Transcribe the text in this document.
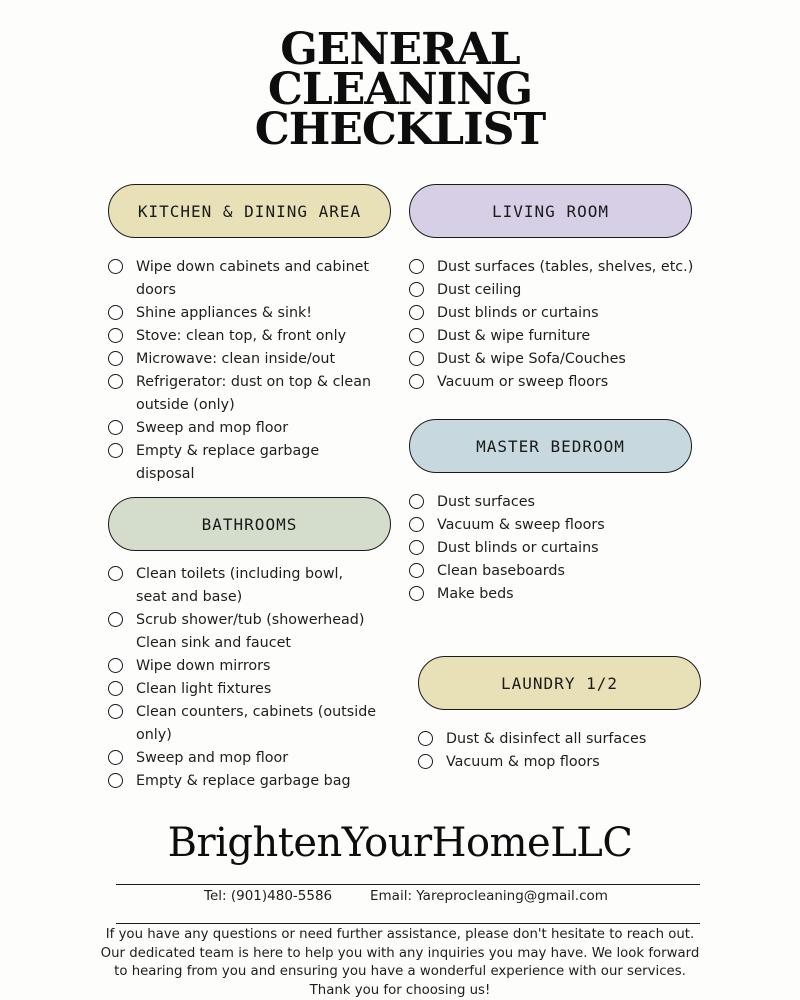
GENERAL
CLEANING
CHECKLIST
KITCHEN & DINING AREA
Wipe down cabinets and cabinet doors
Shine appliances & sink!
Stove: clean top, & front only
Microwave: clean inside/out
Refrigerator: dust on top & clean outside (only)
Sweep and mop floor
Empty & replace garbage disposal
LIVING ROOM
Dust surfaces (tables, shelves, etc.)
Dust ceiling
Dust blinds or curtains
Dust & wipe furniture
Dust & wipe Sofa/Couches
Vacuum or sweep floors
MASTER BEDROOM
Dust surfaces
Vacuum & sweep floors
Dust blinds or curtains
Clean baseboards
Make beds
BATHROOMS
Clean toilets (including bowl, seat and base)
Scrub shower/tub (showerhead) Clean sink and faucet
Wipe down mirrors
Clean light fixtures
Clean counters, cabinets (outside only)
Sweep and mop floor
Empty & replace garbage bag
LAUNDRY 1/2
Dust & disinfect all surfaces
Vacuum & mop floors
BrightenYourHomeLLC
Tel: (901)480-5586	Email: Yareprocleaning@gmail.com
If you have any questions or need further assistance, please don't hesitate to reach out.
Our dedicated team is here to help you with any inquiries you may have. We look forward
to hearing from you and ensuring you have a wonderful experience with our services.
Thank you for choosing us!
